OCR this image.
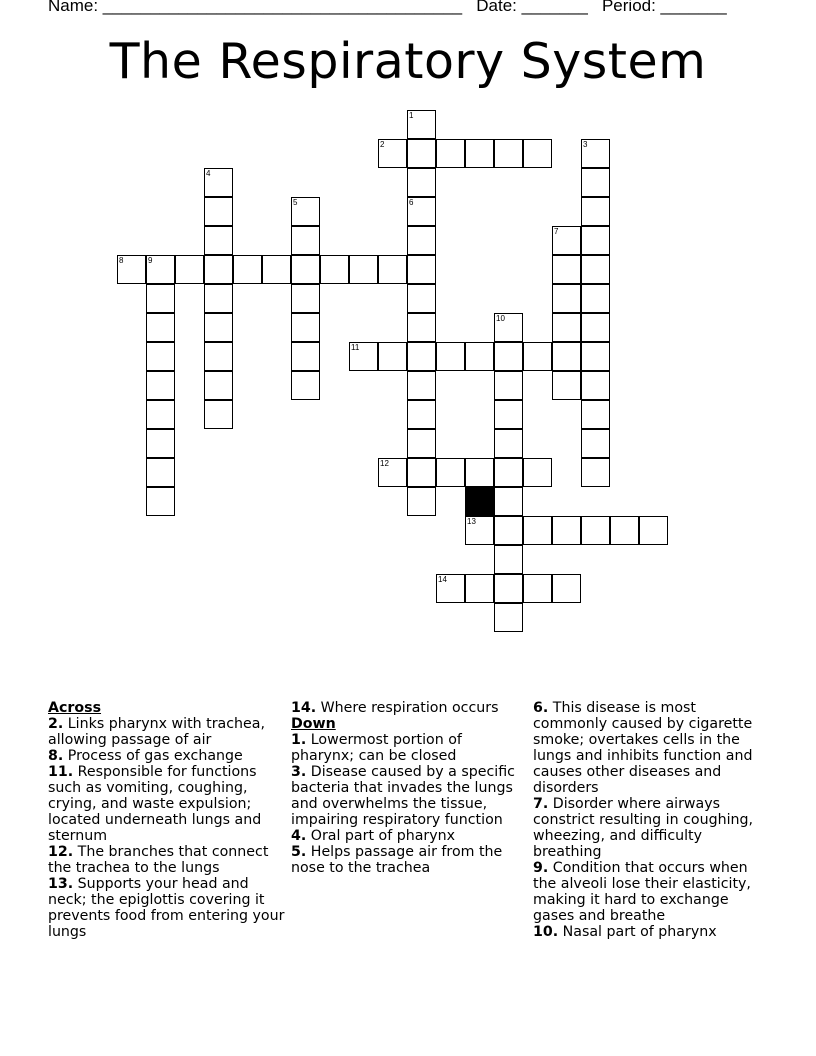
Name: ______________________________________ Date: _______ Period: _______
The Respiratory System
1
2	3
4
5	6
7
8	9
10
11
12
13
14

Across

2. Links pharynx with trachea, allowing passage of air

8. Process of gas exchange

11. Responsible for functions such as vomiting, coughing, crying, and waste expulsion; located underneath lungs and sternum

12. The branches that connect the trachea to the lungs

13. Supports your head and neck; the epiglottis covering it prevents food from entering your lungs

14. Where respiration occurs

Down

1. Lowermost portion of pharynx; can be closed

3. Disease caused by a specific bacteria that invades the lungs and overwhelms the tissue, impairing respiratory function

4. Oral part of pharynx

5. Helps passage air from the nose to the trachea

6. This disease is most commonly caused by cigarette smoke; overtakes cells in the lungs and inhibits function and causes other diseases and disorders

7. Disorder where airways constrict resulting in coughing, wheezing, and difficulty breathing

9. Condition that occurs when the alveoli lose their elasticity, making it hard to exchange gases and breathe

10. Nasal part of pharynx
